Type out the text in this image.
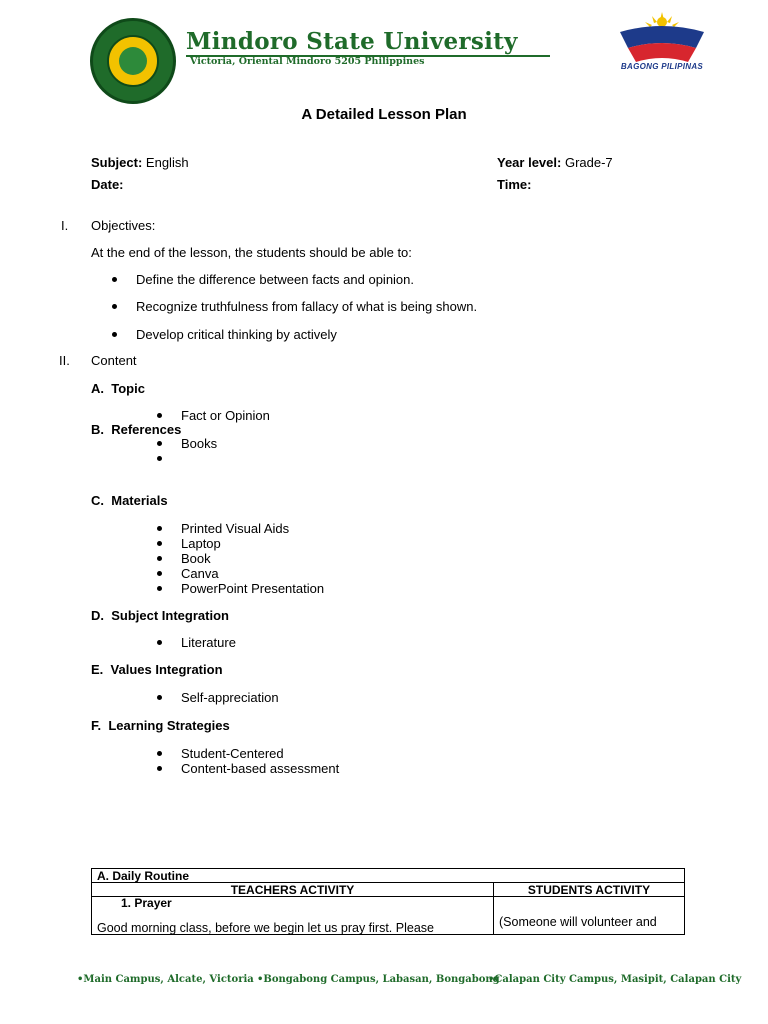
Mindoro State University
Victoria, Oriental Mindoro 5205 Philippines	BAGONG PILIPINAS
A Detailed Lesson Plan
Subject: English	Year level: Grade-7
Date:	Time:
I. Objectives:
At the end of the lesson, the students should be able to:
Define the difference between facts and opinion.
Recognize truthfulness from fallacy of what is being shown.
Develop critical thinking by actively
II. Content
A. Topic
Fact or Opinion
B. References
Books
C. Materials
Printed Visual Aids
Laptop
Book
Canva
PowerPoint Presentation
D. Subject Integration
Literature
E. Values Integration
Self-appreciation
F. Learning Strategies
Student-Centered
Content-based assessment
A. Daily Routine
TEACHERS ACTIVITY	STUDENTS ACTIVITY
1. Prayer
Good morning class, before we begin let us pray first. Please	(Someone will volunteer and
•Main Campus, Alcate, Victoria •Bongabong Campus, Labasan, Bongabong
•Calapan City Campus, Masipit, Calapan City
